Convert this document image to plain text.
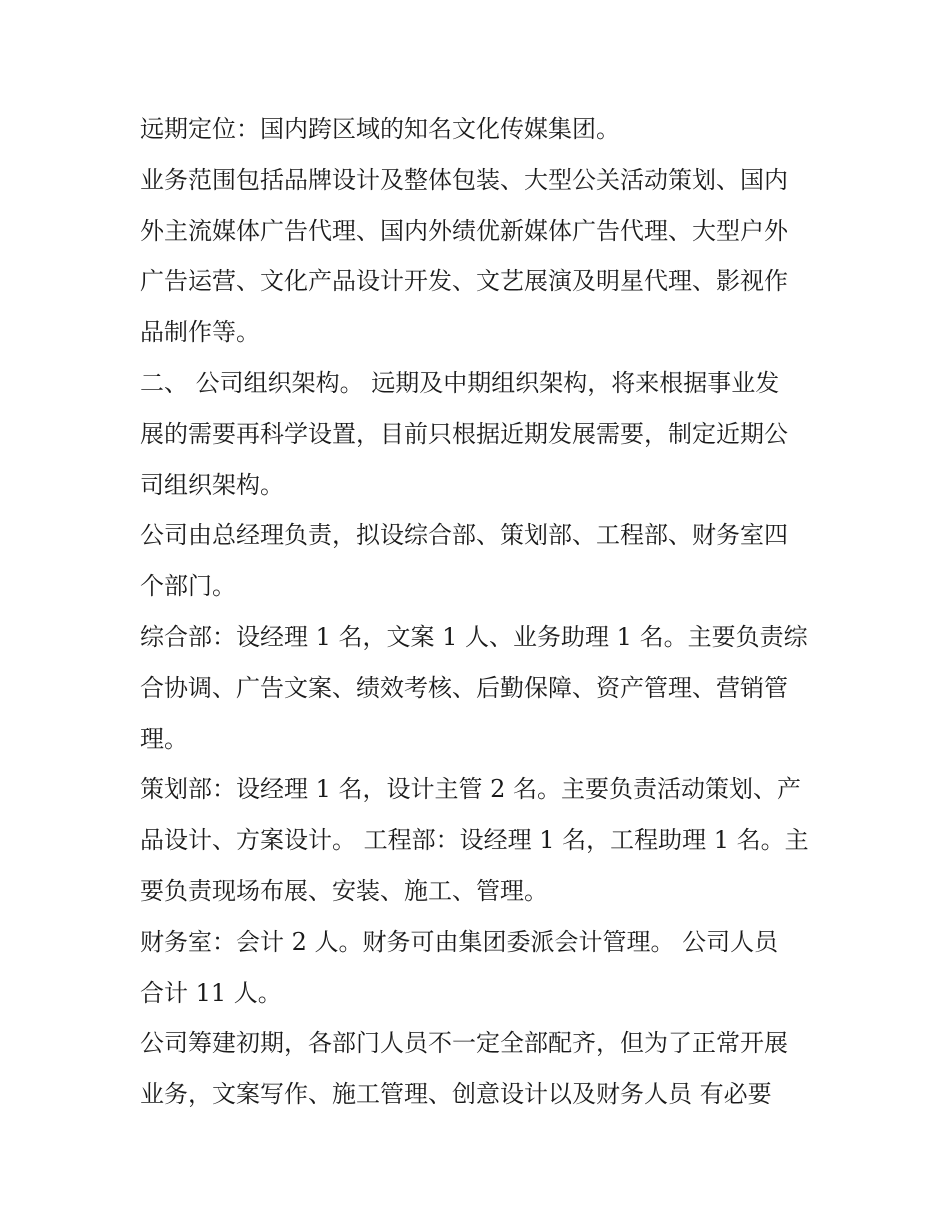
远期定位：国内跨区域的知名文化传媒集团。
业务范围包括品牌设计及整体包装、大型公关活动策划、国内
外主流媒体广告代理、国内外绩优新媒体广告代理、大型户外
广告运营、文化产品设计开发、文艺展演及明星代理、影视作
品制作等。
二、 公司组织架构。 远期及中期组织架构，将来根据事业发
展的需要再科学设置，目前只根据近期发展需要，制定近期公
司组织架构。
公司由总经理负责，拟设综合部、策划部、工程部、财务室四
个部门。
综合部：设经理 1 名，文案 1 人、业务助理 1 名。主要负责综
合协调、广告文案、绩效考核、后勤保障、资产管理、营销管
理。
策划部：设经理 1 名，设计主管 2 名。主要负责活动策划、产
品设计、方案设计。 工程部：设经理 1 名，工程助理 1 名。主
要负责现场布展、安装、施工、管理。
财务室：会计 2 人。财务可由集团委派会计管理。 公司人员
合计 11 人。
公司筹建初期，各部门人员不一定全部配齐，但为了正常开展
业务，文案写作、施工管理、创意设计以及财务人员 有必要
